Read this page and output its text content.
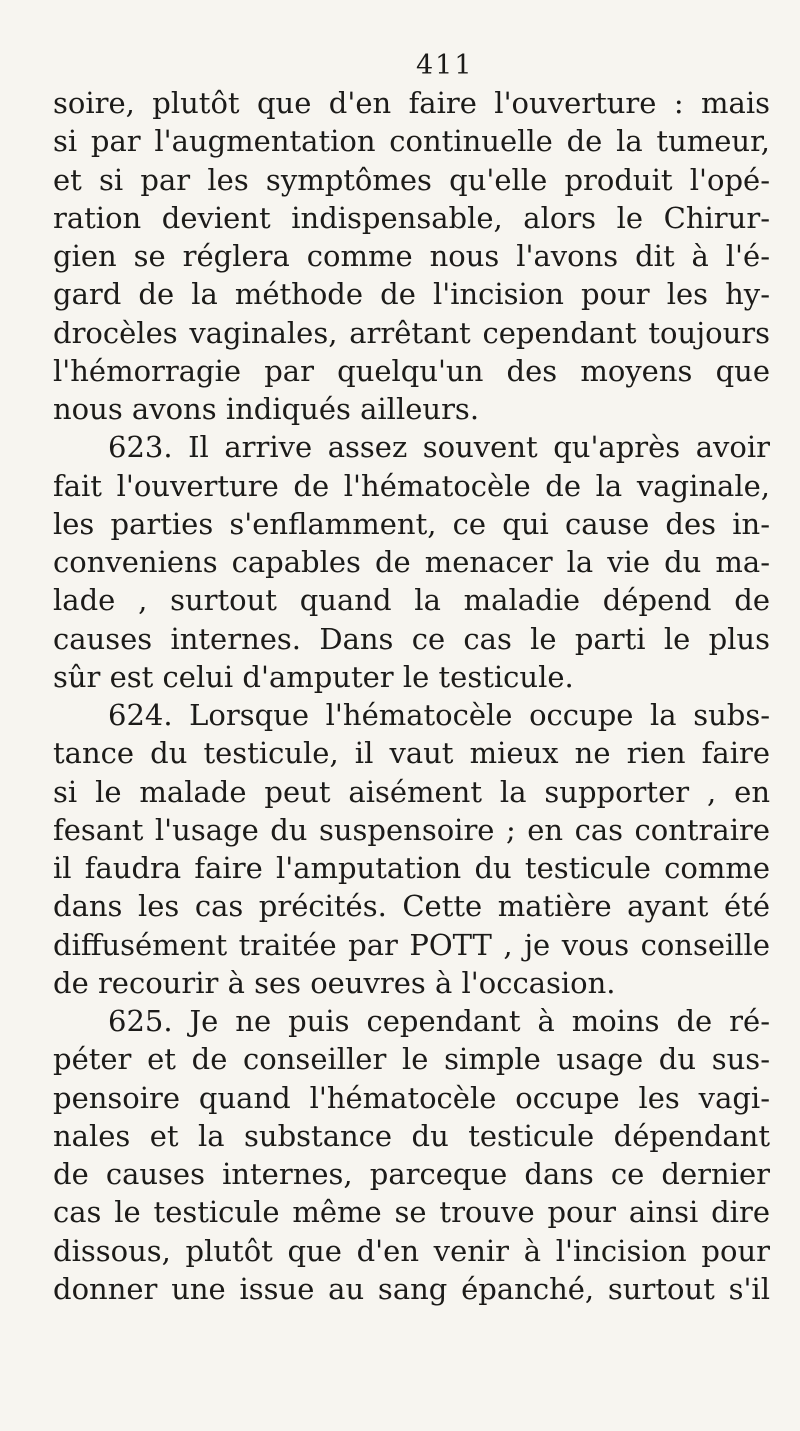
411
soire, plutôt que d'en faire l'ouverture : mais
si par l'augmentation continuelle de la tumeur,
et si par les symptômes qu'elle produit l'opé-
ration devient indispensable, alors le Chirur-
gien se réglera comme nous l'avons dit à l'é-
gard de la méthode de l'incision pour les hy-
drocèles vaginales, arrêtant cependant toujours
l'hémorragie par quelqu'un des moyens que
nous avons indiqués ailleurs.
623. Il arrive assez souvent qu'après avoir
fait l'ouverture de l'hématocèle de la vaginale,
les parties s'enflamment, ce qui cause des in-
conveniens capables de menacer la vie du ma-
lade , surtout quand la maladie dépend de
causes internes. Dans ce cas le parti le plus
sûr est celui d'amputer le testicule.
624. Lorsque l'hématocèle occupe la subs-
tance du testicule, il vaut mieux ne rien faire
si le malade peut aisément la supporter , en
fesant l'usage du suspensoire ; en cas contraire
il faudra faire l'amputation du testicule comme
dans les cas précités. Cette matière ayant été
diffusément traitée par POTT , je vous conseille
de recourir à ses oeuvres à l'occasion.
625. Je ne puis cependant à moins de ré-
péter et de conseiller le simple usage du sus-
pensoire quand l'hématocèle occupe les vagi-
nales et la substance du testicule dépendant
de causes internes, parceque dans ce dernier
cas le testicule même se trouve pour ainsi dire
dissous, plutôt que d'en venir à l'incision pour
donner une issue au sang épanché, surtout s'il
